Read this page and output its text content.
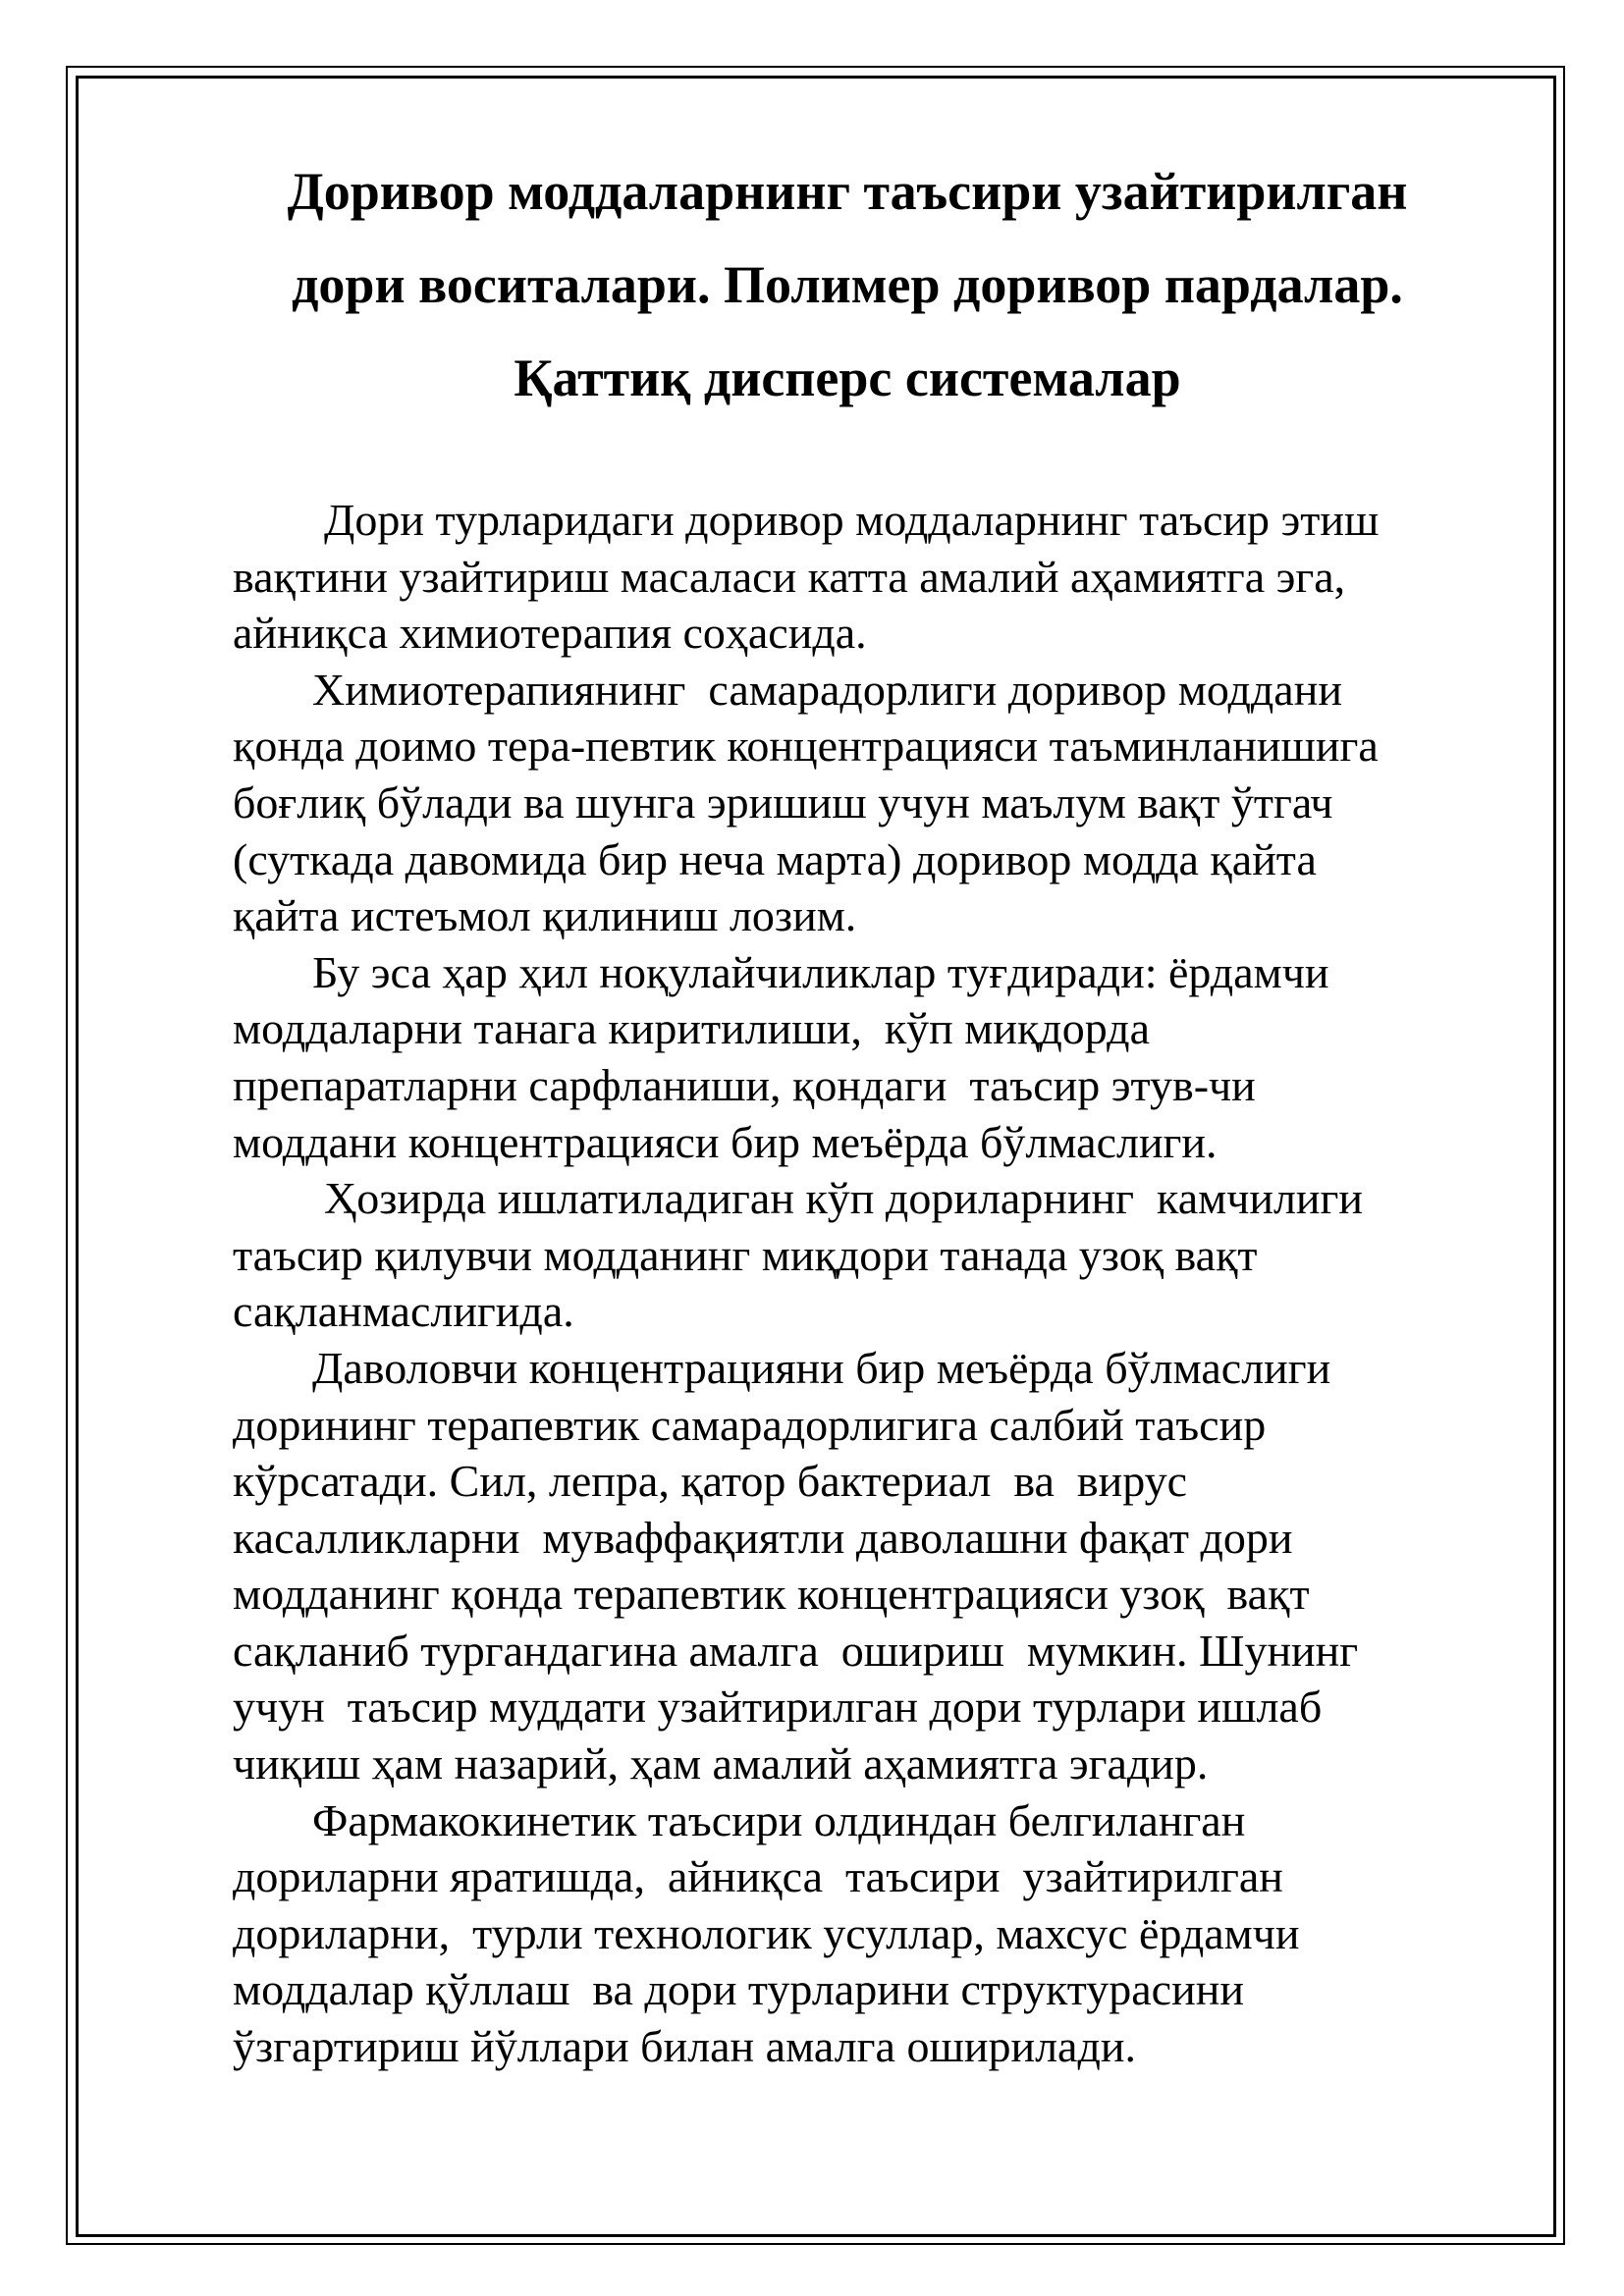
Доривор моддаларнинг таъсири узайтирилган
дори воситалари. Полимер доривор пардалар.
Қаттиқ дисперс системалар
Дори турларидаги доривор моддаларнинг таъсир этиш
вақтини узайтириш масаласи катта амалий аҳамиятга эга,
айниқса химиотерапия соҳасида.
Химиотерапиянинг  самарадорлиги доривор моддани
қонда доимо тера-певтик концентрацияси таъминланишига
боғлиқ бўлади ва шунга эришиш учун маълум вақт ўтгач
(суткада давомида бир неча марта) доривор модда қайта
қайта истеъмол қилиниш лозим.
Бу эса ҳар ҳил ноқулайчиликлар туғдиради: ёрдамчи
моддаларни танага киритилиши,  кўп миқдорда
препаратларни сарфланиши, қондаги  таъсир этув-чи
моддани концентрацияси бир меъёрда бўлмаслиги.
Ҳозирда ишлатиладиган кўп дориларнинг  камчилиги
таъсир қилувчи модданинг миқдори танада узоқ вақт
сақланмаслигида.
Даволовчи концентрацияни бир меъёрда бўлмаслиги
дорининг терапевтик самарадорлигига салбий таъсир
кўрсатади. Сил, лепра, қатор бактериал  ва  вирус
касалликларни  муваффақиятли даволашни фақат дори
модданинг қонда терапевтик концентрацияси узоқ  вақт
сақланиб тургандагина амалга  ошириш  мумкин. Шунинг
учун  таъсир муддати узайтирилган дори турлари ишлаб
чиқиш ҳам назарий, ҳам амалий аҳамиятга эгадир.
Фармакокинетик таъсири олдиндан белгиланган
дориларни яратишда,  айниқса  таъсири  узайтирилган
дориларни,  турли технологик усуллар, махсус ёрдамчи
моддалар қўллаш  ва дори турларини структурасини
ўзгартириш йўллари билан амалга оширилади.
